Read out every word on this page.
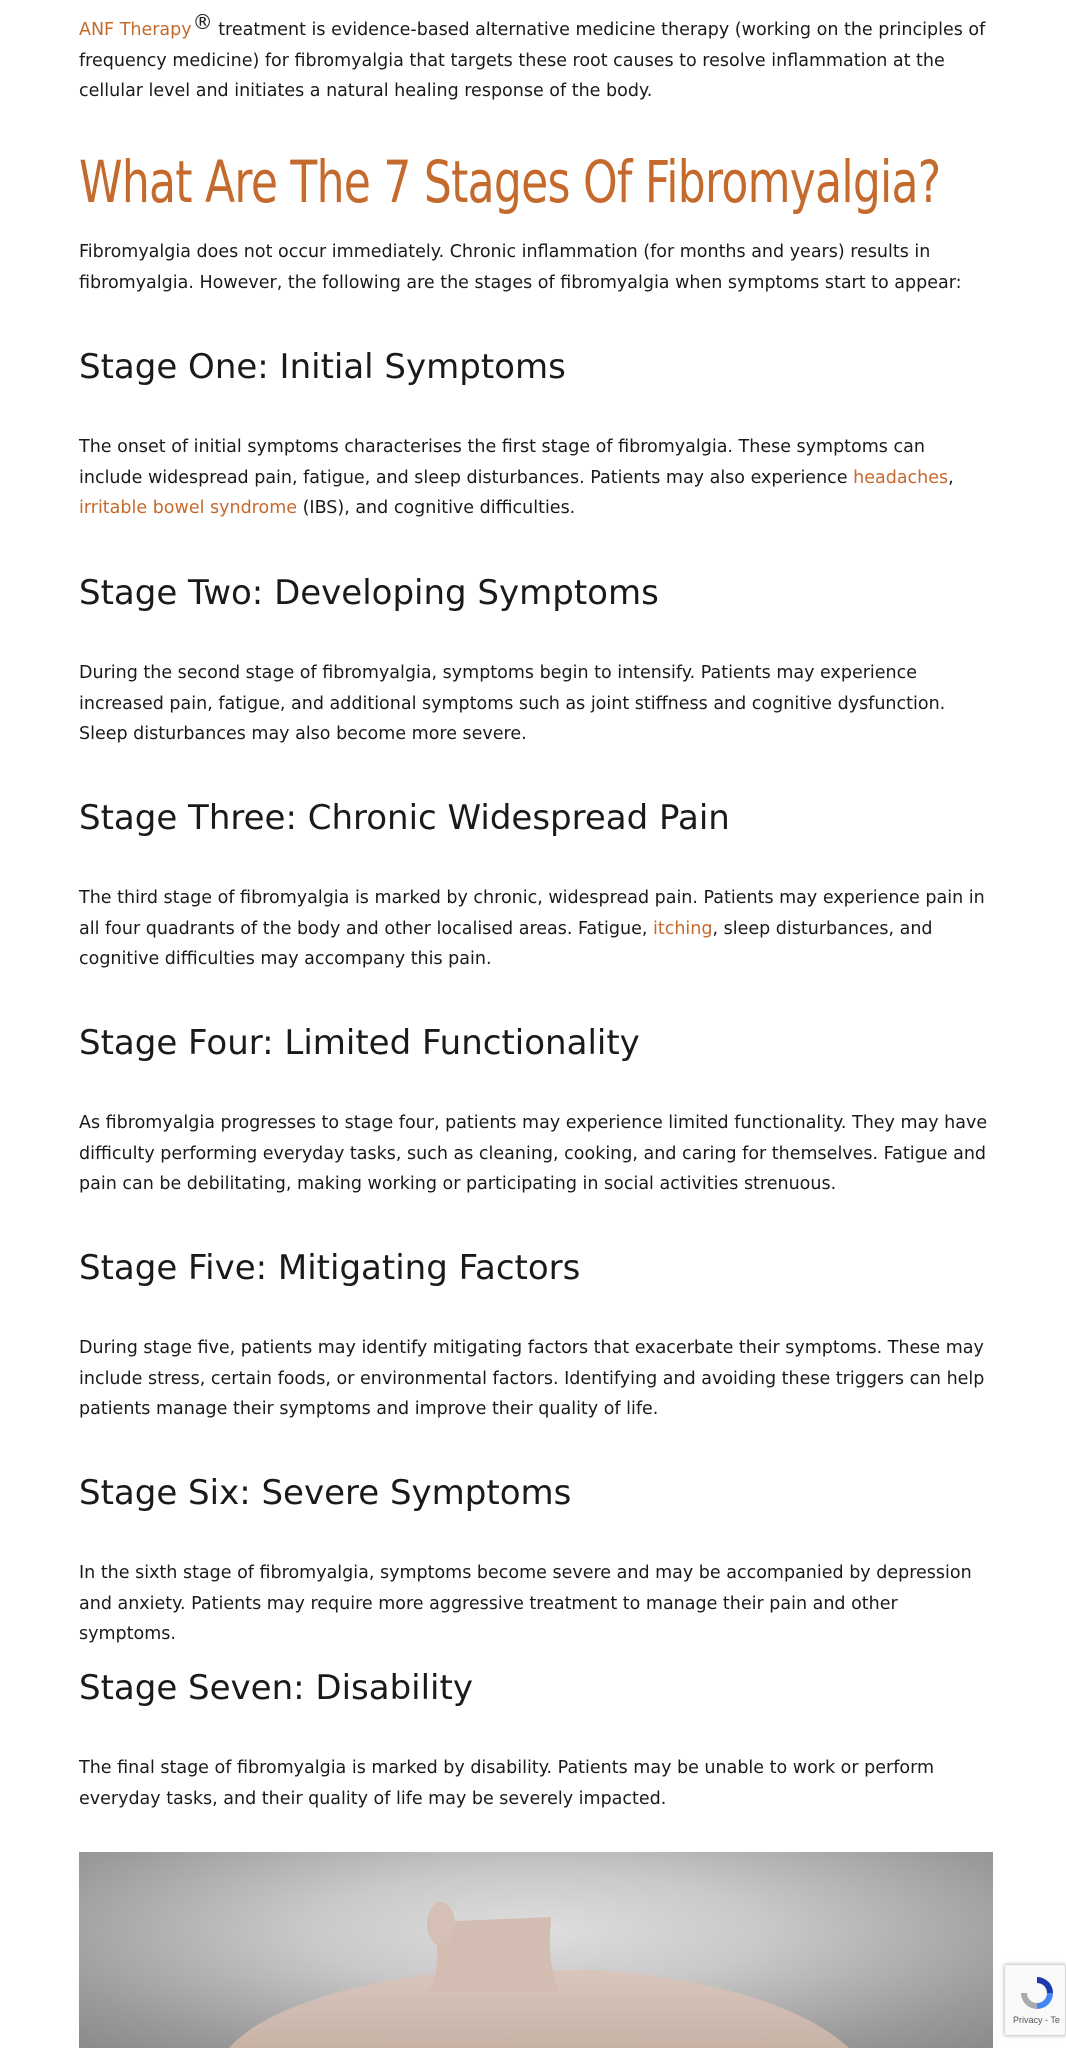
ANF Therapy® treatment is evidence-based alternative medicine therapy (working on the principles of frequency medicine) for fibromyalgia that targets these root causes to resolve inflammation at the cellular level and initiates a natural healing response of the body.

What Are The 7 Stages Of Fibromyalgia?

Fibromyalgia does not occur immediately. Chronic inflammation (for months and years) results in fibromyalgia. However, the following are the stages of fibromyalgia when symptoms start to appear:

Stage One: Initial Symptoms

The onset of initial symptoms characterises the first stage of fibromyalgia. These symptoms can include widespread pain, fatigue, and sleep disturbances. Patients may also experience headaches, irritable bowel syndrome (IBS), and cognitive difficulties.

Stage Two: Developing Symptoms

During the second stage of fibromyalgia, symptoms begin to intensify. Patients may experience increased pain, fatigue, and additional symptoms such as joint stiffness and cognitive dysfunction. Sleep disturbances may also become more severe.

Stage Three: Chronic Widespread Pain

The third stage of fibromyalgia is marked by chronic, widespread pain. Patients may experience pain in all four quadrants of the body and other localised areas. Fatigue, itching, sleep disturbances, and cognitive difficulties may accompany this pain.

Stage Four: Limited Functionality

As fibromyalgia progresses to stage four, patients may experience limited functionality. They may have difficulty performing everyday tasks, such as cleaning, cooking, and caring for themselves. Fatigue and pain can be debilitating, making working or participating in social activities strenuous.

Stage Five: Mitigating Factors

During stage five, patients may identify mitigating factors that exacerbate their symptoms. These may include stress, certain foods, or environmental factors. Identifying and avoiding these triggers can help patients manage their symptoms and improve their quality of life.

Stage Six: Severe Symptoms

In the sixth stage of fibromyalgia, symptoms become severe and may be accompanied by depression and anxiety. Patients may require more aggressive treatment to manage their pain and other symptoms.

Stage Seven: Disability

The final stage of fibromyalgia is marked by disability. Patients may be unable to work or perform everyday tasks, and their quality of life may be severely impacted.

Privacy - Te
